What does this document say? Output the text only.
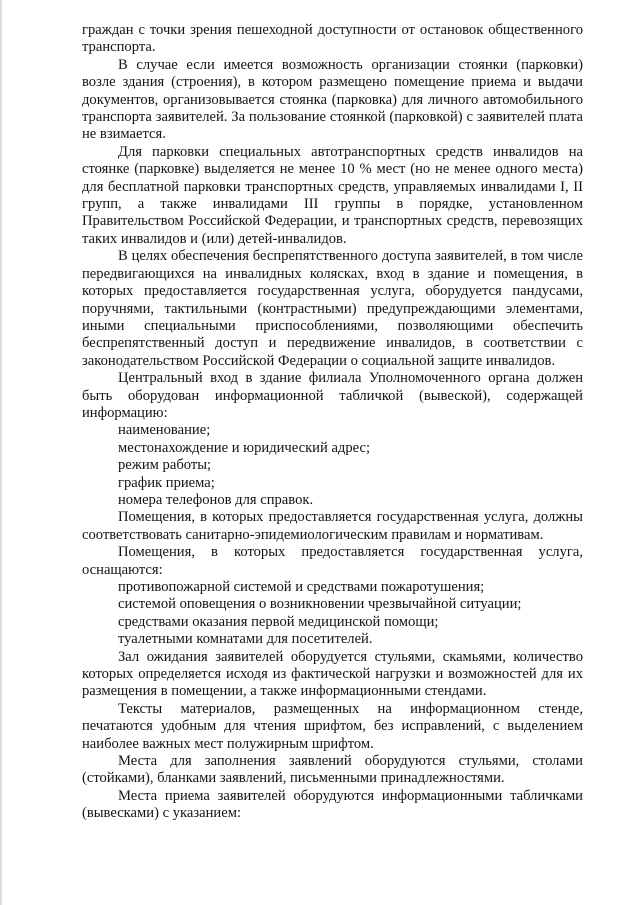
граждан с точки зрения пешеходной доступности от остановок общественного транспорта.

В случае если имеется возможность организации стоянки (парковки) возле здания (строения), в котором размещено помещение приема и выдачи документов, организовывается стоянка (парковка) для личного автомобильного транспорта заявителей. За пользование стоянкой (парковкой) с заявителей плата не взимается.

Для парковки специальных автотранспортных средств инвалидов на стоянке (парковке) выделяется не менее 10 % мест (но не менее одного места) для бесплатной парковки транспортных средств, управляемых инвалидами I, II групп, а также инвалидами III группы в порядке, установленном Правительством Российской Федерации, и транспортных средств, перевозящих таких инвалидов и (или) детей-инвалидов.

В целях обеспечения беспрепятственного доступа заявителей, в том числе передвигающихся на инвалидных колясках, вход в здание и помещения, в которых предоставляется государственная услуга, оборудуется пандусами, поручнями, тактильными (контрастными) предупреждающими элементами, иными специальными приспособлениями, позволяющими обеспечить беспрепятственный доступ и передвижение инвалидов, в соответствии с законодательством Российской Федерации о социальной защите инвалидов.

Центральный вход в здание филиала Уполномоченного органа должен быть оборудован информационной табличкой (вывеской), содержащей информацию:

наименование;

местонахождение и юридический адрес;

режим работы;

график приема;

номера телефонов для справок.

Помещения, в которых предоставляется государственная услуга, должны соответствовать санитарно-эпидемиологическим правилам и нормативам.

Помещения, в которых предоставляется государственная услуга, оснащаются:

противопожарной системой и средствами пожаротушения;

системой оповещения о возникновении чрезвычайной ситуации;

средствами оказания первой медицинской помощи;

туалетными комнатами для посетителей.

Зал ожидания заявителей оборудуется стульями, скамьями, количество которых определяется исходя из фактической нагрузки и возможностей для их размещения в помещении, а также информационными стендами.

Тексты материалов, размещенных на информационном стенде, печатаются удобным для чтения шрифтом, без исправлений, с выделением наиболее важных мест полужирным шрифтом.

Места для заполнения заявлений оборудуются стульями, столами (стойками), бланками заявлений, письменными принадлежностями.

Места приема заявителей оборудуются информационными табличками (вывесками) с указанием:
